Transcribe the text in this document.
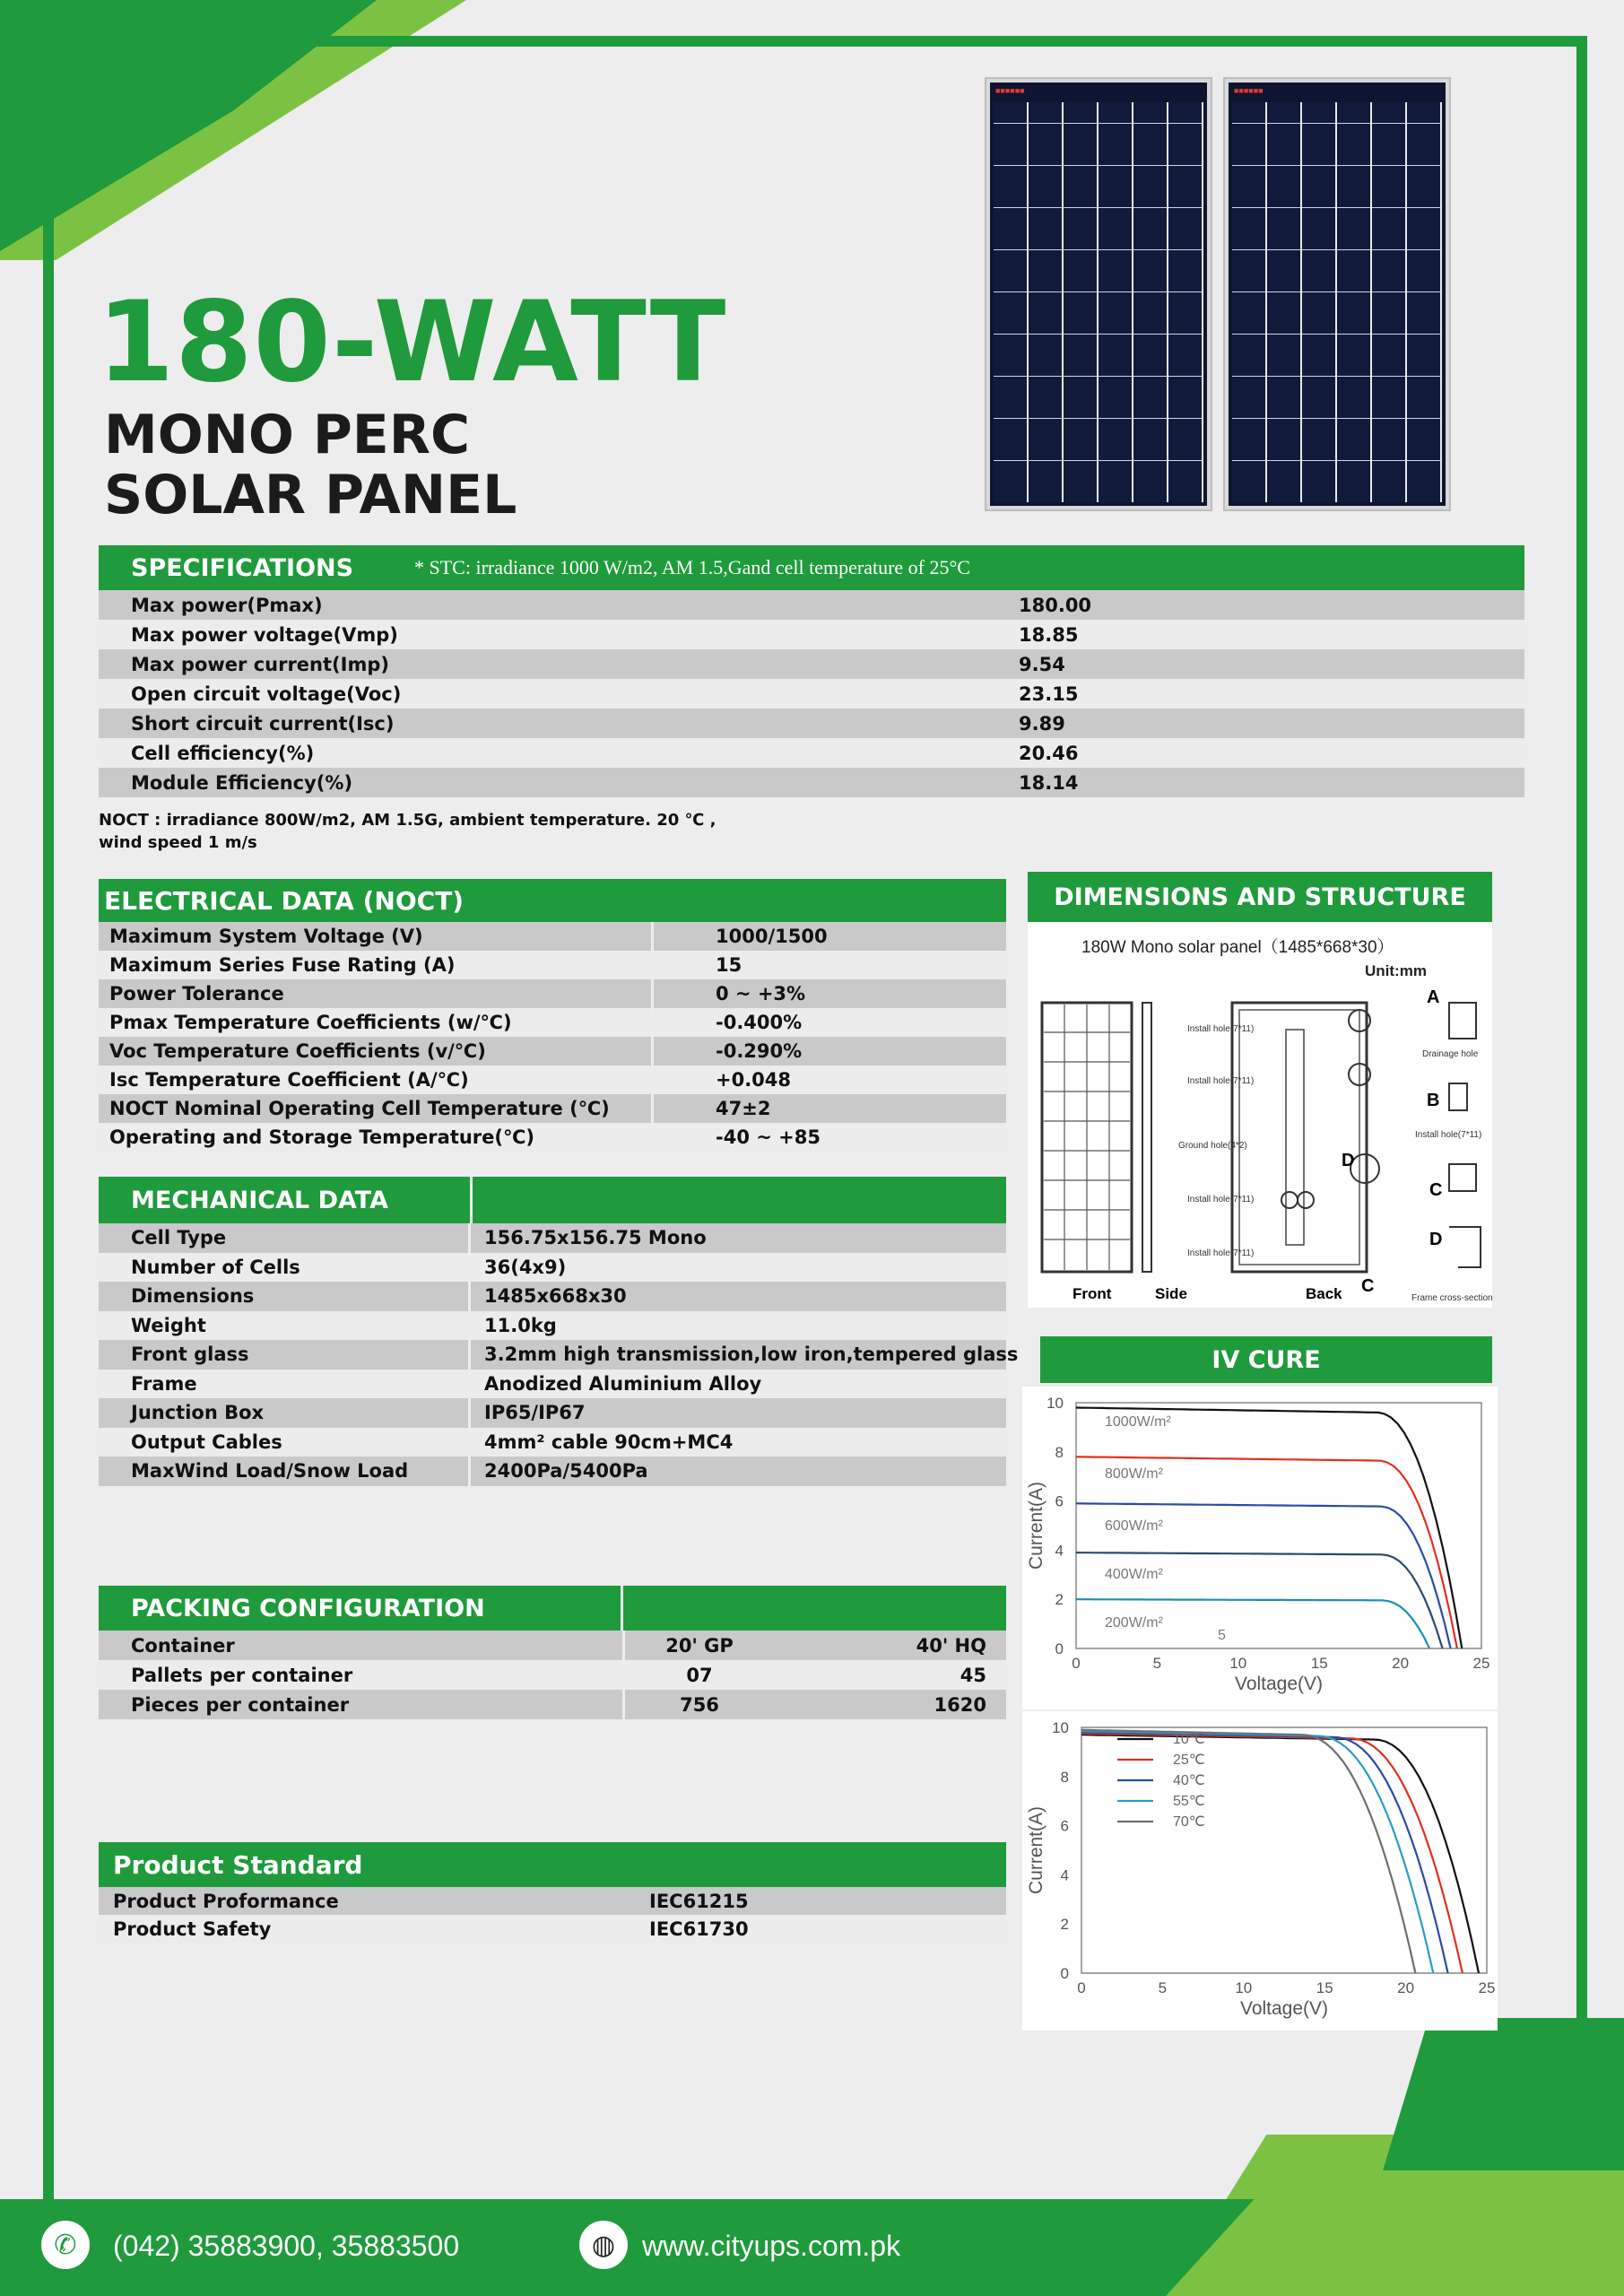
180-WATT
MONO PERC
SOLAR PANEL
■■■■■■	■■■■■■
SPECIFICATIONS	* STC: irradiance 1000 W/m2, AM 1.5,Gand cell temperature of 25°C
Max power(Pmax)	180.00
Max power voltage(Vmp)	18.85
Max power current(Imp)	9.54
Open circuit voltage(Voc)	23.15
Short circuit current(Isc)	9.89
Cell efficiency(%)	20.46
Module Efficiency(%)	18.14
NOCT : irradiance 800W/m2, AM 1.5G, ambient temperature. 20 ℃ ,
wind speed 1 m/s
ELECTRICAL DATA (NOCT)
Maximum System Voltage (V)	1000/1500
Maximum Series Fuse Rating (A)	15
Power Tolerance	0 ~ +3%
Pmax Temperature Coefficients (w/℃)	-0.400%
Voc Temperature Coefficients (v/℃)	-0.290%
Isc Temperature Coefficient (A/℃)	+0.048
NOCT Nominal Operating Cell Temperature (℃)	47±2
Operating and Storage Temperature(℃)	-40 ~ +85
MECHANICAL DATA
Cell Type	156.75x156.75 Mono
Number of Cells	36(4x9)
Dimensions	1485x668x30
Weight	11.0kg
Front glass	3.2mm high transmission,low iron,tempered glass
Frame	Anodized Aluminium Alloy
Junction Box	IP65/IP67
Output Cables	4mm² cable 90cm+MC4
MaxWind Load/Snow Load	2400Pa/5400Pa
PACKING CONFIGURATION
Container	20' GP	40' HQ
Pallets per container	07	45
Pieces per container	756	1620
Product Standard
Product Proformance	IEC61215
Product Safety	IEC61730
DIMENSIONS AND STRUCTURE
180W Mono solar panel（1485*668*30）
Unit:mm
A
B
C
D
D
C
Install hole(7*11)
Install hole(7*11)
Ground hole(4*2)
Install hole(7*11)
Install hole(7*11)
Drainage hole
Install hole(7*11)
Frame cross-section
Front	Side	Back
IV CURE
0	5	10	15	20	25
0
2
4
6
8
10
Voltage(V)
Current(A)
1000W/m²
800W/m²
600W/m²
400W/m²
200W/m²
5
0	5	10	15	20	25
0
2
4
6
8
10
Voltage(V)
Current(A)
10℃
25℃
40℃
55℃
70℃
✆	(042) 35883900, 35883500	◍ www.cityups.com.pk
